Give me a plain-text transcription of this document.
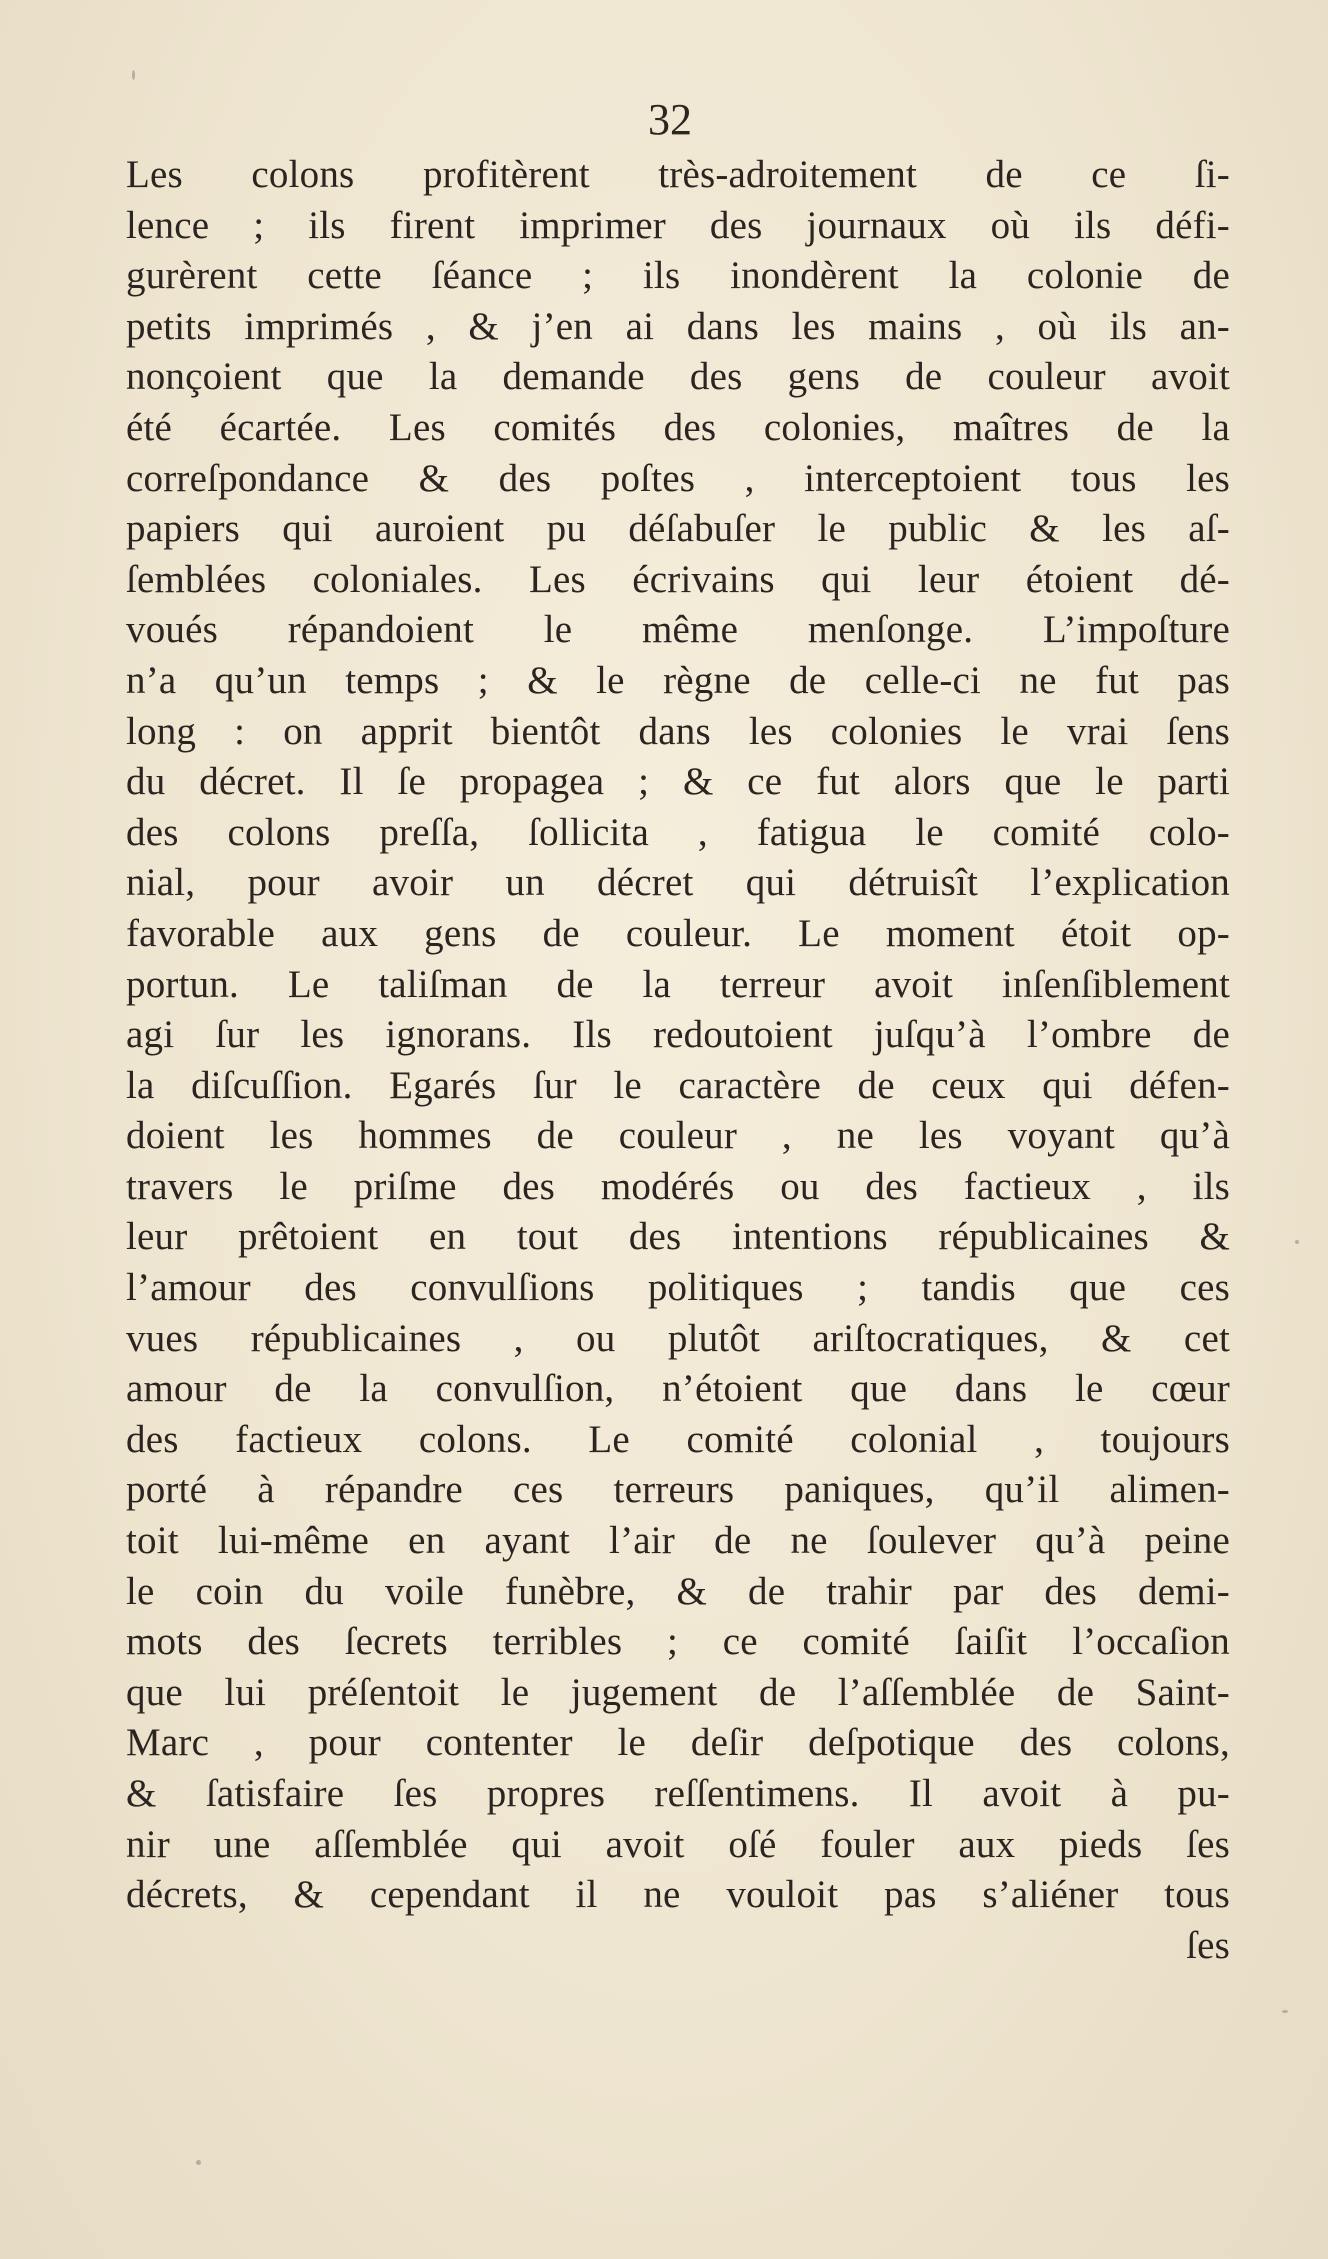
32
Les colons profitèrent très-adroitement de ce ſi-
lence ; ils firent imprimer des journaux où ils défi-
gurèrent cette ſéance ; ils inondèrent la colonie de
petits imprimés , & j’en ai dans les mains , où ils an-
nonçoient que la demande des gens de couleur avoit
été écartée. Les comités des colonies, maîtres de la
correſpondance & des poſtes , interceptoient tous les
papiers qui auroient pu déſabuſer le public & les aſ-
ſemblées coloniales. Les écrivains qui leur étoient dé-
voués répandoient le même menſonge. L’impoſture
n’a qu’un temps ; & le règne de celle-ci ne fut pas
long : on apprit bientôt dans les colonies le vrai ſens
du décret. Il ſe propagea ; & ce fut alors que le parti
des colons preſſa, ſollicita , fatigua le comité colo-
nial, pour avoir un décret qui détruisît l’explication
favorable aux gens de couleur. Le moment étoit op-
portun. Le taliſman de la terreur avoit inſenſiblement
agi ſur les ignorans. Ils redoutoient juſqu’à l’ombre de
la diſcuſſion. Egarés ſur le caractère de ceux qui défen-
doient les hommes de couleur , ne les voyant qu’à
travers le priſme des modérés ou des factieux , ils
leur prêtoient en tout des intentions républicaines &
l’amour des convulſions politiques ; tandis que ces
vues républicaines , ou plutôt ariſtocratiques, & cet
amour de la convulſion, n’étoient que dans le cœur
des factieux colons. Le comité colonial , toujours
porté à répandre ces terreurs paniques, qu’il alimen-
toit lui-même en ayant l’air de ne ſoulever qu’à peine
le coin du voile funèbre, & de trahir par des demi-
mots des ſecrets terribles ; ce comité ſaiſit l’occaſion
que lui préſentoit le jugement de l’aſſemblée de Saint-
Marc , pour contenter le deſir deſpotique des colons,
& ſatisfaire ſes propres reſſentimens. Il avoit à pu-
nir une aſſemblée qui avoit oſé fouler aux pieds ſes
décrets, & cependant il ne vouloit pas s’aliéner tous
ſes
